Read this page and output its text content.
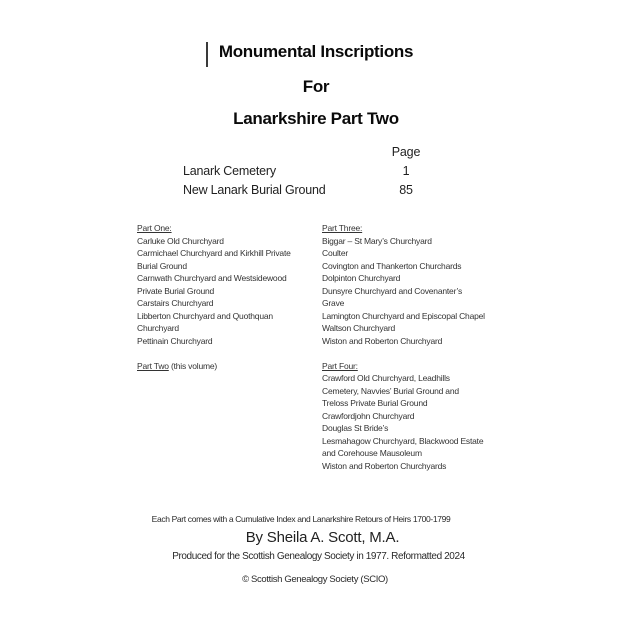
Monumental Inscriptions
For
Lanarkshire Part Two
Page
Lanark Cemetery	1
New Lanark Burial Ground	85
Part One:
Carluke Old Churchyard
Carmichael Churchyard and Kirkhill Private
Burial Ground
Carnwath Churchyard and Westsidewood
Private Burial Ground
Carstairs Churchyard
Libberton Churchyard and Quothquan
Churchyard
Pettinain Churchyard

Part Two (this volume)
Part Three:
Biggar – St Mary’s Churchyard
Coulter
Covington and Thankerton Churchards
Dolpinton Churchyard
Dunsyre Churchyard and Covenanter’s
Grave
Lamington Churchyard and Episcopal Chapel
Waltson Churchyard
Wiston and Roberton Churchyard

Part Four:
Crawford Old Churchyard, Leadhills
Cemetery, Navvies’ Burial Ground and
Treloss Private Burial Ground
Crawfordjohn Churchyard
Douglas St Bride’s
Lesmahagow Churchyard, Blackwood Estate
and Corehouse Mausoleum
Wiston and Roberton Churchyards
Each Part comes with a Cumulative Index and Lanarkshire Retours of Heirs 1700-1799
By Sheila A. Scott, M.A.
Produced for the Scottish Genealogy Society in 1977. Reformatted 2024
© Scottish Genealogy Society (SCIO)
